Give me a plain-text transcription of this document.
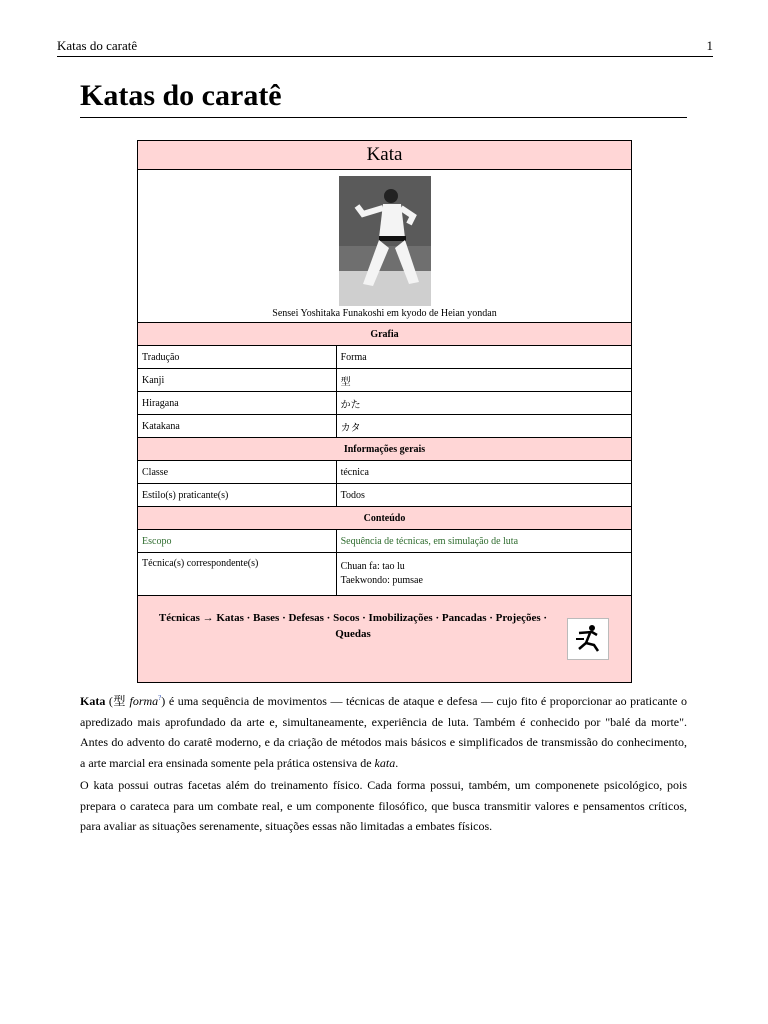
Katas do caratê	1
Katas do caratê
Kata	

Sensei Yoshitaka Funakoshi em kyodo de Heian yondan	

Grafia	
Tradução	Forma
Kanji	型
Hiragana	かた
Katakana	カタ
Informações gerais	
Classe	técnica
Estilo(s) praticante(s)	Todos
Conteúdo	
Escopo	Sequência de técnicas, em simulação de luta
Técnica(s) correspondente(s)	Chuan fa: tao lu
Taekwondo: pumsae

Técnicas → Katas · Bases · Defesas · Socos · Imobilizações · Pancadas · Projeções · Quedas	

Kata (型 forma?) é uma sequência de movimentos — técnicas de ataque e defesa — cujo fito é proporcionar ao praticante o apredizado mais aprofundado da arte e, simultaneamente, experiência de luta. Também é conhecido por "balé da morte". Antes do advento do caratê moderno, e da criação de métodos mais básicos e simplificados de transmissão do conhecimento, a arte marcial era ensinada somente pela prática ostensiva de kata.

O kata possui outras facetas além do treinamento físico. Cada forma possui, também, um componenete psicológico, pois prepara o carateca para um combate real, e um componente filosófico, que busca transmitir valores e pensamentos críticos, para avaliar as situações serenamente, situações essas não limitadas a embates físicos.
